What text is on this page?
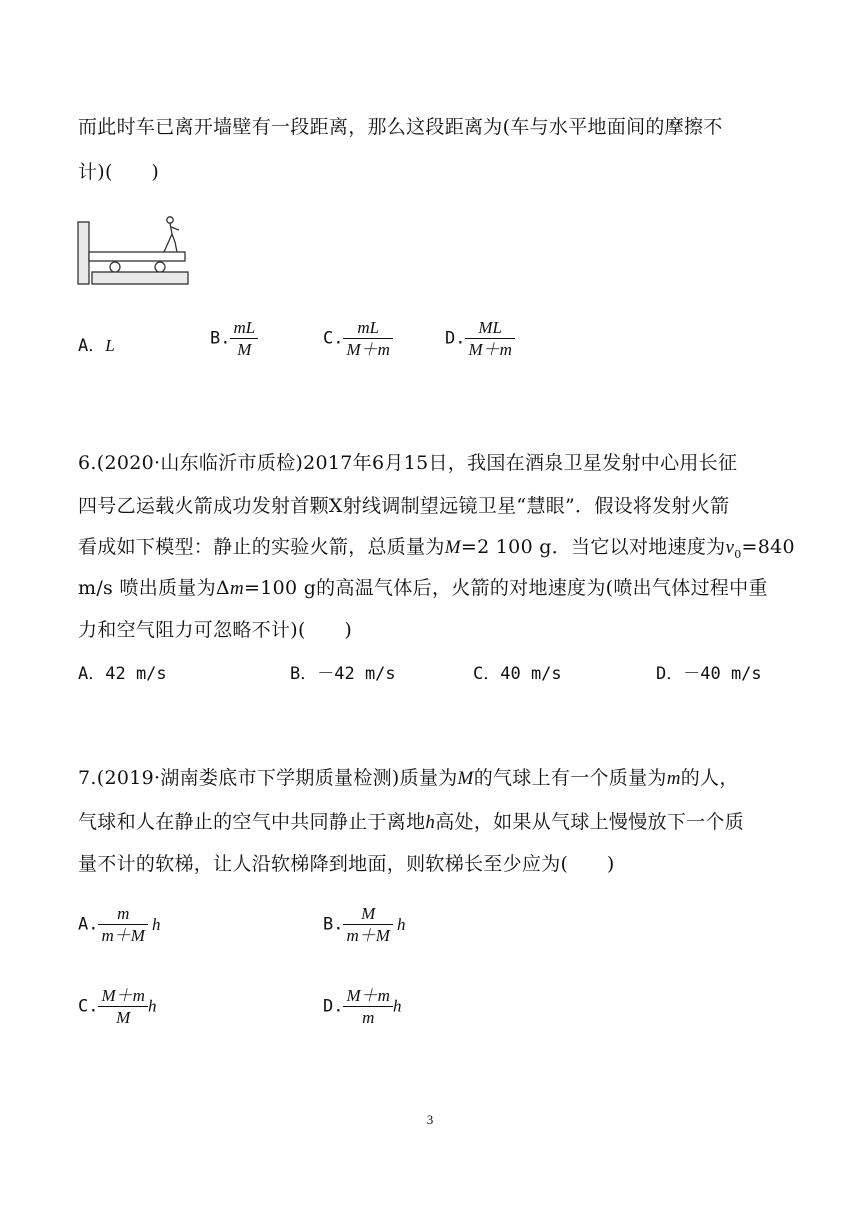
而此时车已离开墙壁有一段距离，那么这段距离为(车与水平地面间的摩擦不
计)(　　)
A．L	B. $\frac{mL}{M}$	C. $\frac{mL}{M+m}$	D. $\frac{ML}{M+m}$
6.(2020·山东临沂市质检)2017年6月15日，我国在酒泉卫星发射中心用长征
四号乙运载火箭成功发射首颗X射线调制望远镜卫星“慧眼”．假设将发射火箭
看成如下模型：静止的实验火箭，总质量为M=2 100 g．当它以对地速度为$v_0=840$
m/s 喷出质量为Δm=100 g的高温气体后，火箭的对地速度为(喷出气体过程中重
力和空气阻力可忽略不计)(　　)
A．42 m/s	B．－42 m/s	C．40 m/s	D．－40 m/s
7.(2019·湖南娄底市下学期质量检测)质量为M的气球上有一个质量为m的人，
气球和人在静止的空气中共同静止于离地h高处，如果从气球上慢慢放下一个质
量不计的软梯，让人沿软梯降到地面，则软梯长至少应为(　　)
A. $\frac{m}{m+M}$ h	B. $\frac{M}{m+M}$ h
C. $\frac{M+m}{M}$ h	D. $\frac{M+m}{m}$ h
3
